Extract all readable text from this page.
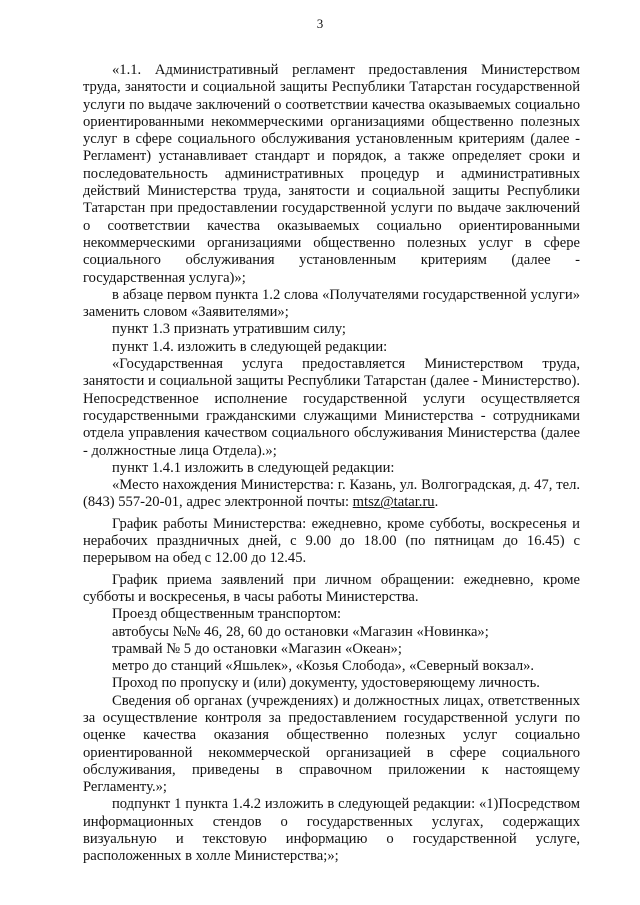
3

«1.1. Административный регламент предоставления Министерством труда, занятости и социальной защиты Республики Татарстан государственной услуги по выдаче заключений о соответствии качества оказываемых социально ориентированными некоммерческими организациями общественно полезных услуг в сфере социального обслуживания установленным критериям (далее - Регламент) устанавливает стандарт и порядок, а также определяет сроки и последовательность административных процедур и административных действий Министерства труда, занятости и социальной защиты Республики Татарстан при предоставлении государственной услуги по выдаче заключений о соответствии качества оказываемых социально ориентированными некоммерческими организациями общественно полезных услуг в сфере социального обслуживания установленным критериям (далее - государственная услуга)»;

в абзаце первом пункта 1.2 слова «Получателями государственной услуги» заменить словом «Заявителями»;

пункт 1.3 признать утратившим силу;

пункт 1.4. изложить в следующей редакции:

«Государственная услуга предоставляется Министерством труда, занятости и социальной защиты Республики Татарстан (далее - Министерство). Непосредственное исполнение государственной услуги осуществляется государственными гражданскими служащими Министерства - сотрудниками отдела управления качеством социального обслуживания Министерства (далее - должностные лица Отдела).»;

пункт 1.4.1 изложить в следующей редакции:

«Место нахождения Министерства: г. Казань, ул. Волгоградская, д. 47, тел. (843) 557-20-01, адрес электронной почты: mtsz@tatar.ru.

График работы Министерства: ежедневно, кроме субботы, воскресенья и нерабочих праздничных дней, с 9.00 до 18.00 (по пятницам до 16.45) с перерывом на обед с 12.00 до 12.45.

График приема заявлений при личном обращении: ежедневно, кроме субботы и воскресенья, в часы работы Министерства.

Проезд общественным транспортом:

автобусы №№ 46, 28, 60 до остановки «Магазин «Новинка»;

трамвай № 5 до остановки «Магазин «Океан»;

метро до станций «Яшьлек», «Козья Слобода», «Северный вокзал».

Проход по пропуску и (или) документу, удостоверяющему личность.

Сведения об органах (учреждениях) и должностных лицах, ответственных за осуществление контроля за предоставлением государственной услуги по оценке качества оказания общественно полезных услуг социально ориентированной некоммерческой организацией в сфере социального обслуживания, приведены в справочном приложении к настоящему Регламенту.»;

подпункт 1 пункта 1.4.2 изложить в следующей редакции: «1)Посредством информационных стендов о государственных услугах, содержащих визуальную и текстовую информацию о государственной услуге, расположенных в холле Министерства;»;
